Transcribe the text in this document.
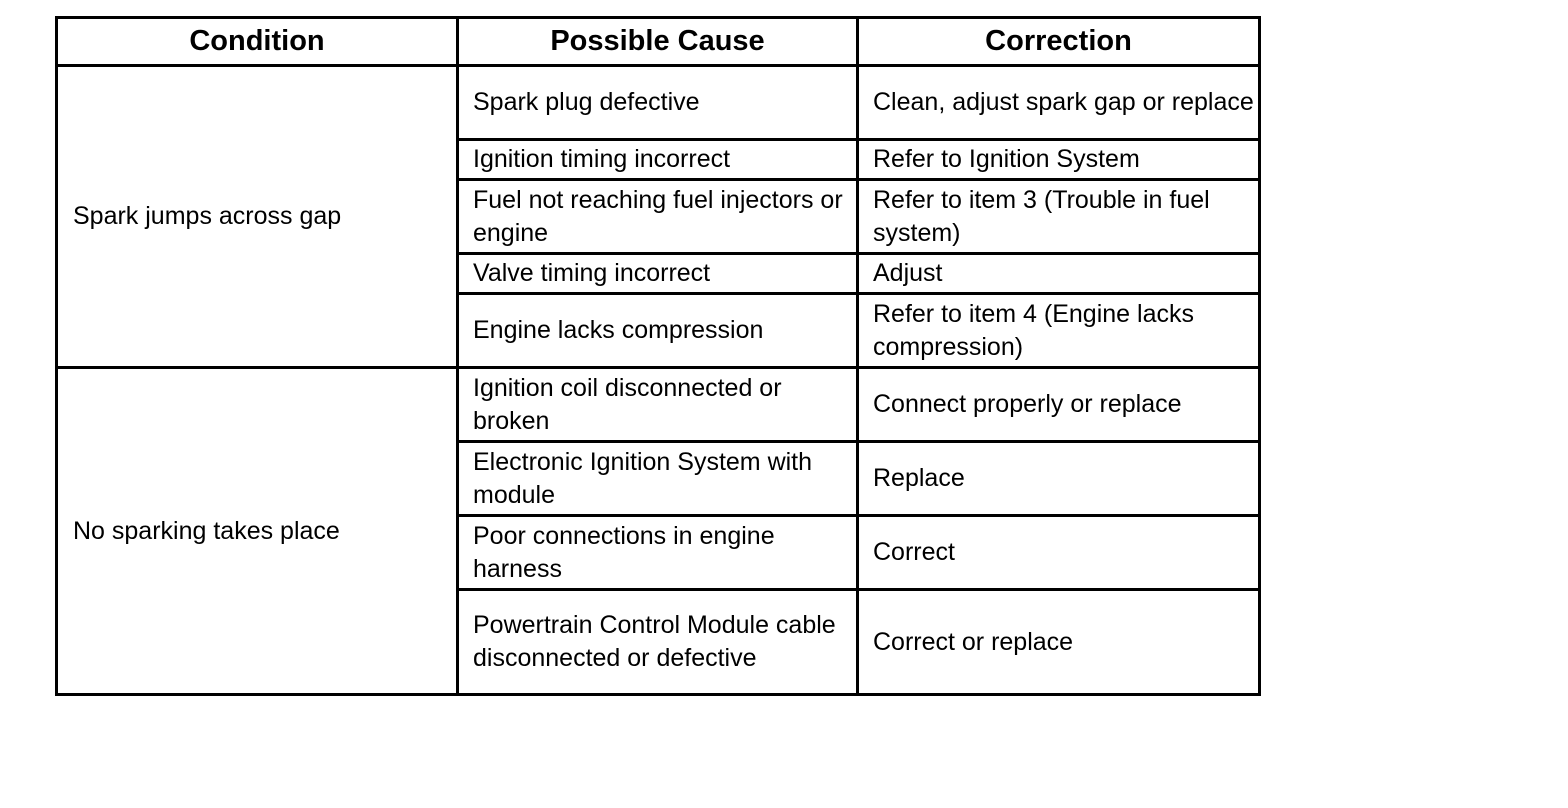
Condition	Possible Cause	Correction
Spark jumps across gap	Spark plug defective	Clean, adjust spark gap or replace
	Ignition timing incorrect	Refer to Ignition System
	Fuel not reaching fuel injectors or engine	Refer to item 3 (Trouble in fuel system)
	Valve timing incorrect	Adjust
	Engine lacks compression	Refer to item 4 (Engine lacks compression)
No sparking takes place	Ignition coil disconnected or broken	Connect properly or replace
	Electronic Ignition System with module	Replace
	Poor connections in engine harness	Correct
	Powertrain Control Module cable disconnected or defective	Correct or replace
